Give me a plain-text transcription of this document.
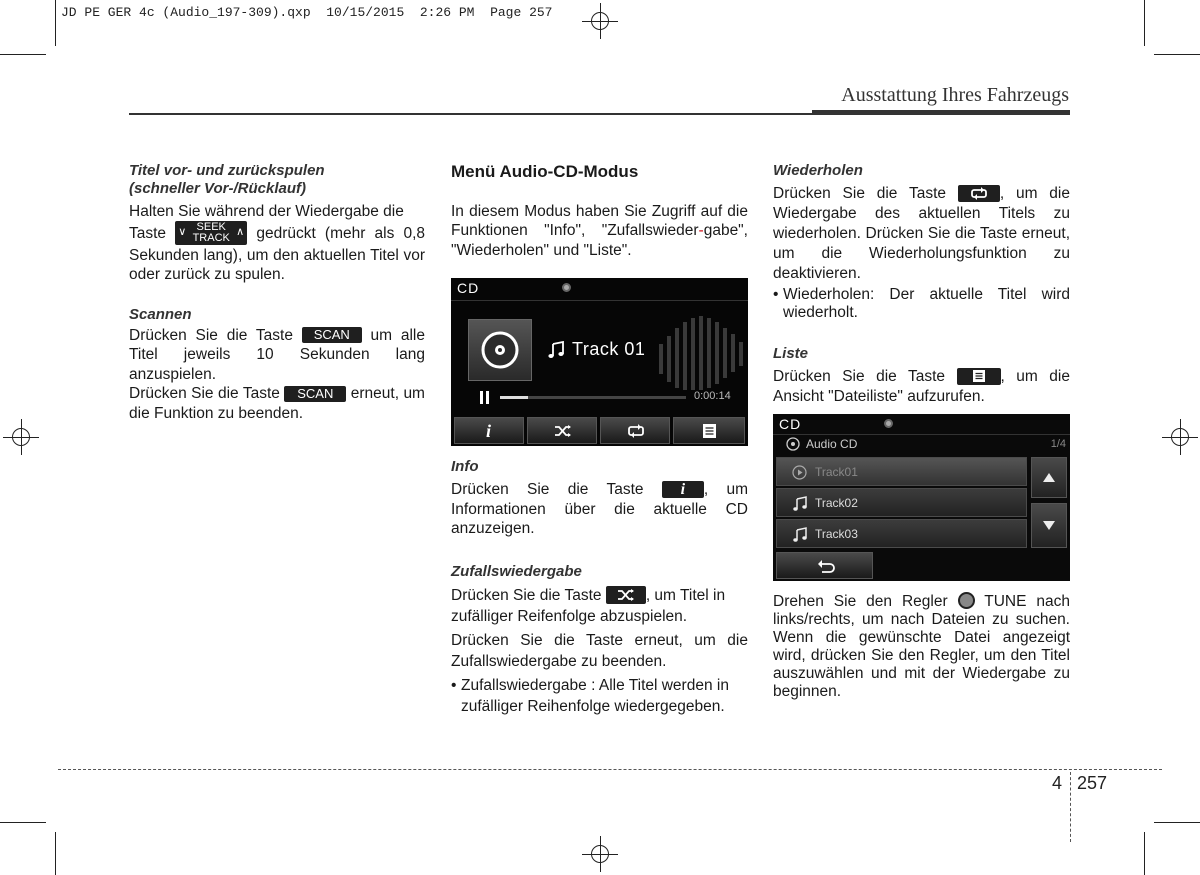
JD PE GER 4c (Audio_197-309).qxp  10/15/2015  2:26 PM  Page 257
Ausstattung Ihres Fahrzeugs

Titel vor- und zurückspulen
(schneller Vor-/Rücklauf)

Halten Sie während der Wiedergabe die
Taste ∨ SEEK
TRACK ∧ gedrückt (mehr als 0,8 Sekunden lang), um den aktuellen Titel vor oder zurück zu spulen.

Scannen

Drücken Sie die Taste SCAN um alle Titel jeweils 10 Sekunden lang anzuspielen.

Drücken Sie die Taste SCAN erneut, um die Funktion zu beenden.

Menü Audio-CD-Modus

In diesem Modus haben Sie Zugriff auf die Funktionen "Info", "Zufallswieder-gabe", "Wiederholen" und "Liste".

CD
Track 01
0:00:14
i

Info

Drücken Sie die Taste i , um Informationen über die aktuelle CD anzuzeigen.

Zufallswiedergabe

Drücken Sie die Taste	, um Titel in zufälliger Reifenfolge abzuspielen.

Drücken Sie die Taste erneut, um die Zufallswiedergabe zu beenden.

• Zufallswiedergabe : Alle Titel werden in zufälliger Reihenfolge wiedergegeben.

Wiederholen

Drücken Sie die Taste	, um die Wiedergabe des aktuellen Titels zu wiederholen. Drücken Sie die Taste erneut, um die Wiederholungsfunktion zu deaktivieren.

• Wiederholen: Der aktuelle Titel wird wiederholt.

Liste

Drücken Sie die Taste	, um die Ansicht "Dateiliste" aufzurufen.

CD
Audio CD	1/4
Track01
Track02
Track03

Drehen Sie den Regler TUNE nach links/rechts, um nach Dateien zu suchen. Wenn die gewünschte Datei angezeigt wird, drücken Sie den Regler, um den Titel auszuwählen und mit der Wiedergabe zu beginnen.

4 257
